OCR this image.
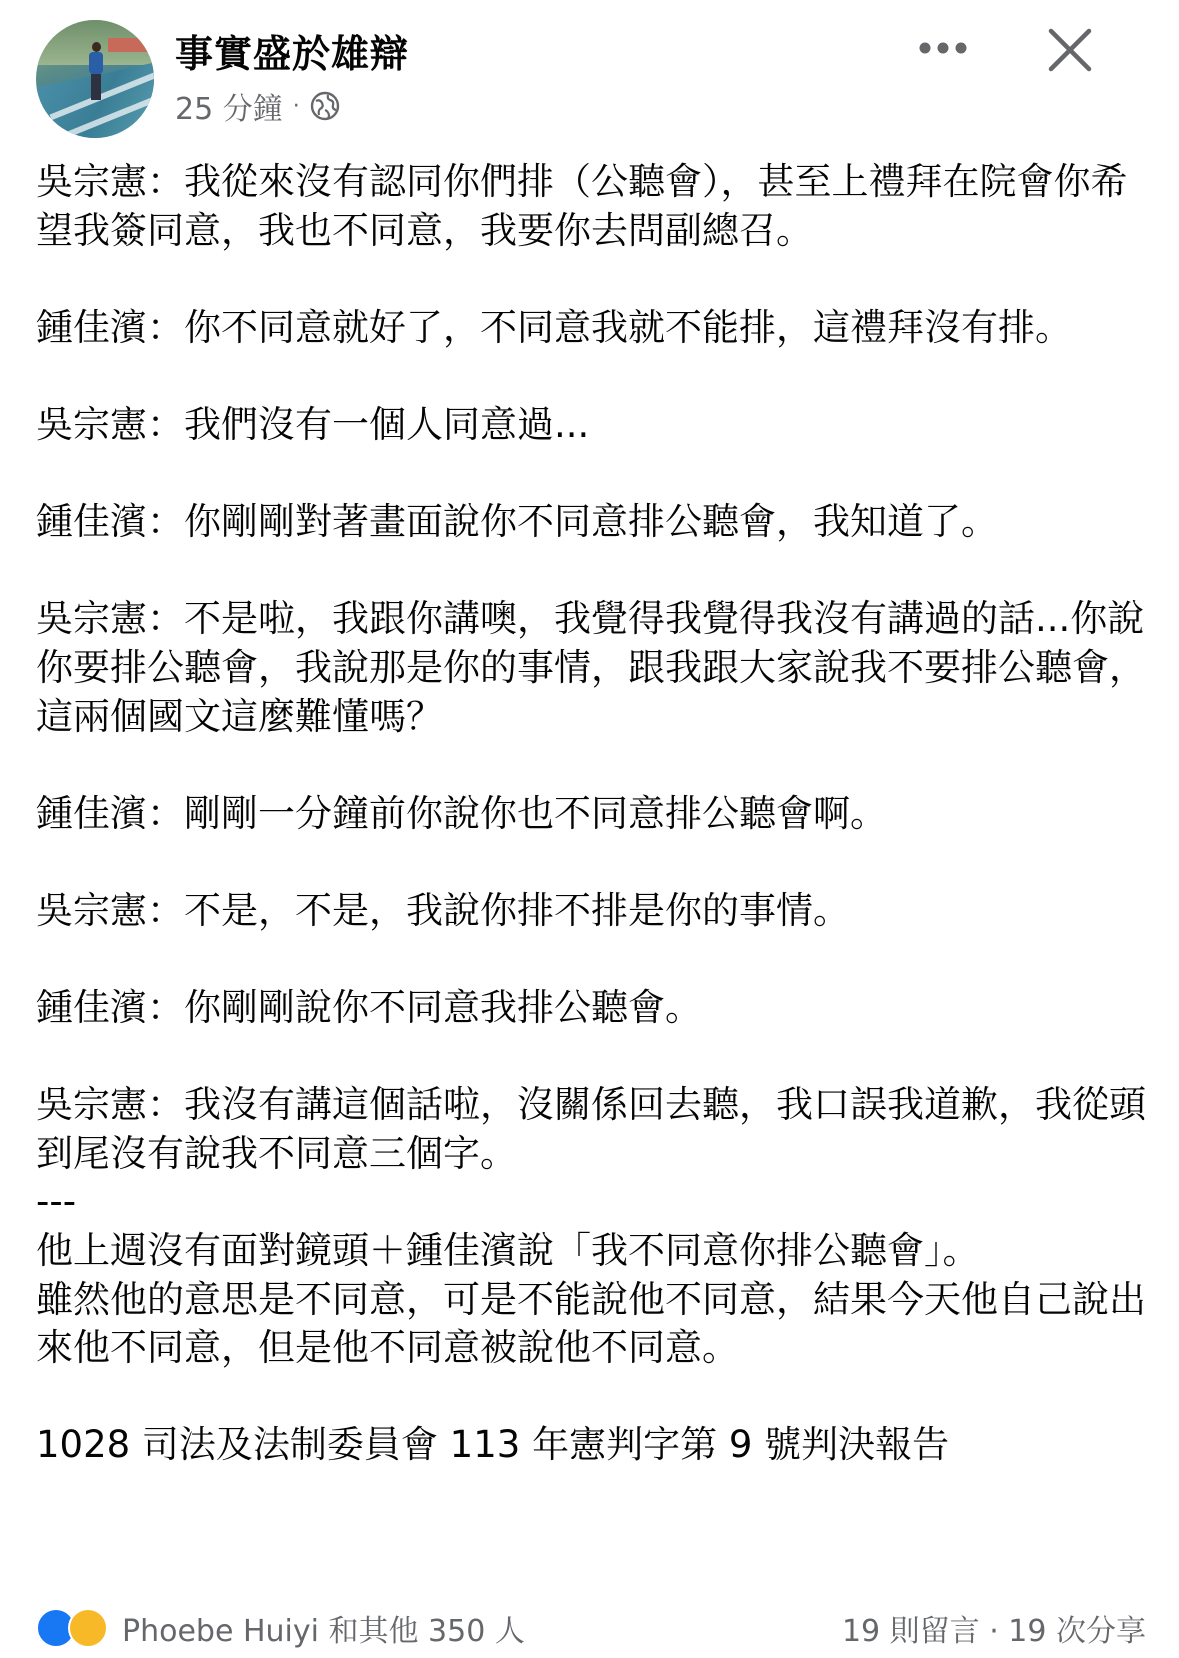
事實盛於雄辯
25 分鐘 ·

吳宗憲：我從來沒有認同你們排（公聽會），甚至上禮拜在院會你希望我簽同意，我也不同意，我要你去問副總召。

鍾佳濱：你不同意就好了，不同意我就不能排，這禮拜沒有排。

吳宗憲：我們沒有一個人同意過...

鍾佳濱：你剛剛對著畫面說你不同意排公聽會，我知道了。

吳宗憲：不是啦，我跟你講噢，我覺得我覺得我沒有講過的話...你說你要排公聽會，我說那是你的事情，跟我跟大家說我不要排公聽會，這兩個國文這麼難懂嗎？

鍾佳濱：剛剛一分鐘前你說你也不同意排公聽會啊。

吳宗憲：不是，不是，我說你排不排是你的事情。

鍾佳濱：你剛剛說你不同意我排公聽會。

吳宗憲：我沒有講這個話啦，沒關係回去聽，我口誤我道歉，我從頭到尾沒有說我不同意三個字。

---

他上週沒有面對鏡頭＋鍾佳濱說「我不同意你排公聽會」。

雖然他的意思是不同意，可是不能說他不同意，結果今天他自己說出來他不同意，但是他不同意被說他不同意。

1028 司法及法制委員會 113 年憲判字第 9 號判決報告

Phoebe Huiyi 和其他 350 人	19 則留言 · 19 次分享
